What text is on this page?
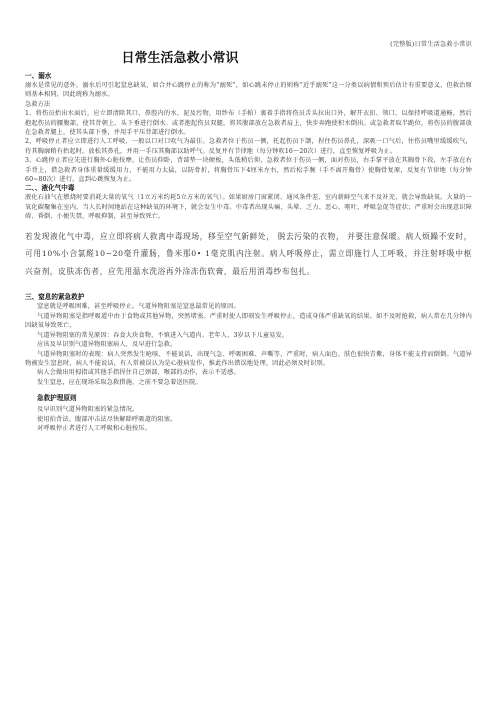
(完整版)日常生活急救小常识
日常生活急救小常识
一、溺水

溺水是常见的意外，溺水后可引起窒息缺氧，如合并心跳停止的称为“溺死”，如心跳未停止的则称“近乎溺死”这一分类以病情和预后估计有重要意义，但救治原则基本相同，因此统称为溺水。

急救方法

1、将伤员抬出水面后，应立即清除其口、鼻腔内的水、泥及污物，用纱布（手帕）裹着手指将伤员舌头拉出口外，解开衣扣、领口，以保持呼吸道通畅，然后抱起伤员的腰腹部，使其背朝上、头下垂进行倒水。或者抱起伤员双腿，将其腹部放在急救者肩上，快步奔跑使积水倒出。或急救者取半跪位，将伤员的腹部放在急救者腿上，使其头部下垂，并用手平压背部进行倒水。

2、呼吸停止者应立即进行人工呼吸，一般以口对口吹气为最佳。急救者位于伤员一侧，托起伤员下颌，捏住伤员鼻孔，深吸一口气后，往伤员嘴里缓缓吹气，待其胸廓稍有抬起时，放松其鼻孔，并用一手压其胸部以助呼气。反复并有节律地（每分钟吹16～20次）进行，直至恢复呼吸为止。

3、心跳停止者应先进行胸外心脏按摩。让伤员仰卧，背部垫一块硬板，头低稍后仰，急救者位于伤员一侧，面对伤员，右手掌平放在其胸骨下段，左手放在右手背上，借急救者身体重量缓缓用力，不能用力太猛，以防骨折，将胸骨压下4厘米左右，然后松手腕（手不离开胸骨）使胸骨复原，反复有节律地（每分钟60~80次）进行，直到心跳恢复为止。

二、、液化气中毒

液化石油气在燃烧时要消耗大量的氧气（1立方米约耗5立方米的氧气）。如果厨房门窗紧闭、通风条件差、室内新鲜空气来不及补充，就会导致缺氧。大量的一氧化碳聚集在室内，当人长时间地站在这种缺氧的环境下，就会发生中毒。中毒者出现头痛、头晕、乏力、恶心、呕吐、呼吸急促等症状；严重时会出现意识障碍、昏倒、小便失禁、呼吸抑制，甚至导致死亡。

若发现液化气中毒，应立即将病人救离中毒现场，移至空气新鲜处， 脱去污染的衣物， 并要注意保暖。病人烦躁不安时，可用10%小合氯醛10~20毫升灌肠，鲁米那0• 1毫克肌内注射。病人呼吸停止，需立即施行人工呼吸，并注射呼吸中枢兴奋剂，皮肤冻伤者，应先用温水洗浴再外涂冻伤软膏，最后用消毒纱布包扎。

三、窒息的紧急救护

窒息就是呼吸困难，甚至呼吸停止。气道异物阻塞是窒息最常见的原因。

气道异物阻塞是指呼吸道中由于食物或其他异物，突然堵塞。严重时使人即刻发生呼吸停止，造成身体严重缺氧的结果。如不及时抢救，病人常在几分钟内因缺氧导致死亡。

气道异物阻塞的常见原因：吞食大块食物，不慎进入气道内。老年人、3岁以下儿童易发。

应该及早识别气道异物阻塞病人，及早进行急救。

气道异物阻塞时的表现：病人突然发生呛咳、不能说话，出现气急、呼吸困难、声嘶等，严重时，病人面色、肤色很快青紫，身体不能支持而倒倒。气道异物被发生窒息时，病人不能说话，有人常被误认为是心脏病发作，推此作出错误地处理，因此必须及时识别。

病人会做出用拇指或其他手指捏住自己颈部、喉部的动作，表示不适感。

发生窒息，应在现场采取急救措施，之前不要急着送医院。

急救护理原则

及早识别气道异物阻塞的紧急情况。

使用拍背法、腹部冲击法尽快解除呼吸道的阻塞。

对呼吸停止者进行人工呼吸和心脏按压。
